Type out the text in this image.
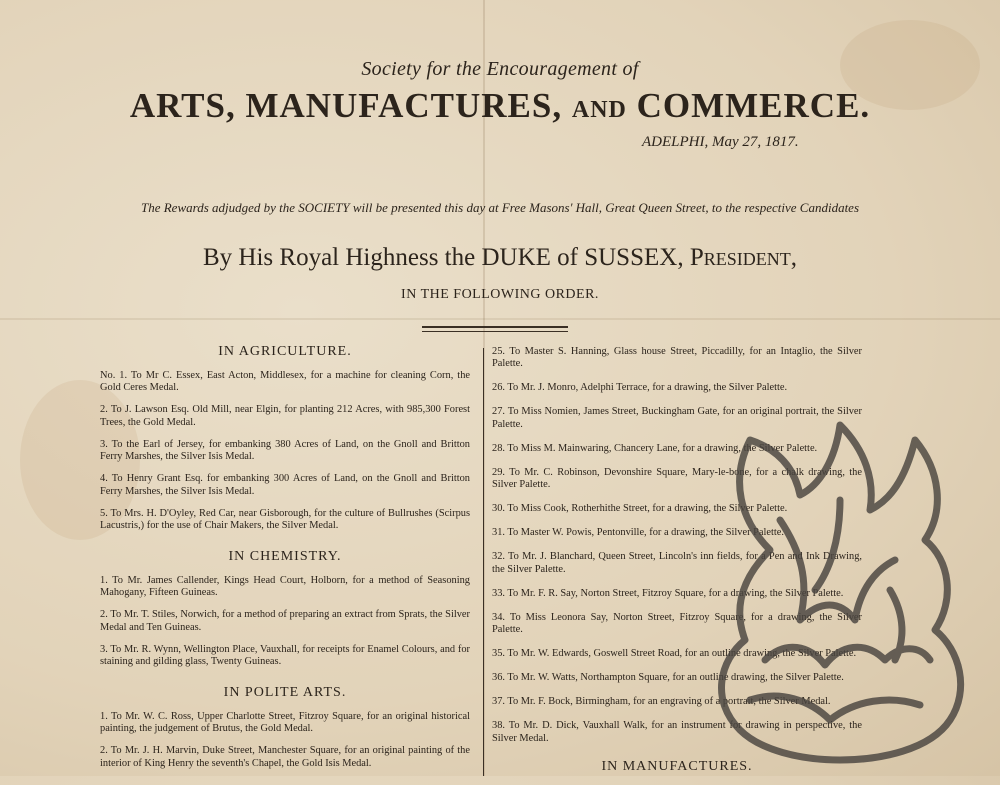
Society for the Encouragement of
ARTS, MANUFACTURES, AND COMMERCE.
ADELPHI, May 27, 1817.
The Rewards adjudged by the SOCIETY will be presented this day at Free Masons' Hall, Great Queen Street, to the respective Candidates
By His Royal Highness the DUKE of SUSSEX, President,
IN THE FOLLOWING ORDER.
IN AGRICULTURE.

No. 1. To Mr C. Essex, East Acton, Middlesex, for a machine for cleaning Corn, the Gold Ceres Medal.

2. To J. Lawson Esq. Old Mill, near Elgin, for planting 212 Acres, with 985,300 Forest Trees, the Gold Medal.

3. To the Earl of Jersey, for embanking 380 Acres of Land, on the Gnoll and Britton Ferry Marshes, the Silver Isis Medal.

4. To Henry Grant Esq. for embanking 300 Acres of Land, on the Gnoll and Britton Ferry Marshes, the Silver Isis Medal.

5. To Mrs. H. D'Oyley, Red Car, near Gisborough, for the culture of Bullrushes (Scirpus Lacustris,) for the use of Chair Makers, the Silver Medal.

IN CHEMISTRY.

1. To Mr. James Callender, Kings Head Court, Holborn, for a method of Seasoning Mahogany, Fifteen Guineas.

2. To Mr. T. Stiles, Norwich, for a method of preparing an extract from Sprats, the Silver Medal and Ten Guineas.

3. To Mr. R. Wynn, Wellington Place, Vauxhall, for receipts for Enamel Colours, and for staining and gilding glass, Twenty Guineas.

IN POLITE ARTS.

1. To Mr. W. C. Ross, Upper Charlotte Street, Fitzroy Square, for an original historical painting, the judgement of Brutus, the Gold Medal.

2. To Mr. J. H. Marvin, Duke Street, Manchester Square, for an original painting of the interior of King Henry the seventh's Chapel, the Gold Isis Medal.

25. To Master S. Hanning, Glass house Street, Piccadilly, for an Intaglio, the Silver Palette.

26. To Mr. J. Monro, Adelphi Terrace, for a drawing, the Silver Palette.

27. To Miss Nomien, James Street, Buckingham Gate, for an original portrait, the Silver Palette.

28. To Miss M. Mainwaring, Chancery Lane, for a drawing, the Silver Palette.

29. To Mr. C. Robinson, Devonshire Square, Mary-le-bone, for a chalk drawing, the Silver Palette.

30. To Miss Cook, Rotherhithe Street, for a drawing, the Silver Palette.

31. To Master W. Powis, Pentonville, for a drawing, the Silver Palette.

32. To Mr. J. Blanchard, Queen Street, Lincoln's inn fields, for a Pen and Ink Drawing, the Silver Palette.

33. To Mr. F. R. Say, Norton Street, Fitzroy Square, for a drawing, the Silver Palette.

34. To Miss Leonora Say, Norton Street, Fitzroy Square, for a drawing, the Silver Palette.

35. To Mr. W. Edwards, Goswell Street Road, for an outline drawing, the Silver Palette.

36. To Mr. W. Watts, Northampton Square, for an outline drawing, the Silver Palette.

37. To Mr. F. Bock, Birmingham, for an engraving of a portrait, the Silver Medal.

38. To Mr. D. Dick, Vauxhall Walk, for an instrument for drawing in perspective, the Silver Medal.

IN MANUFACTURES.
